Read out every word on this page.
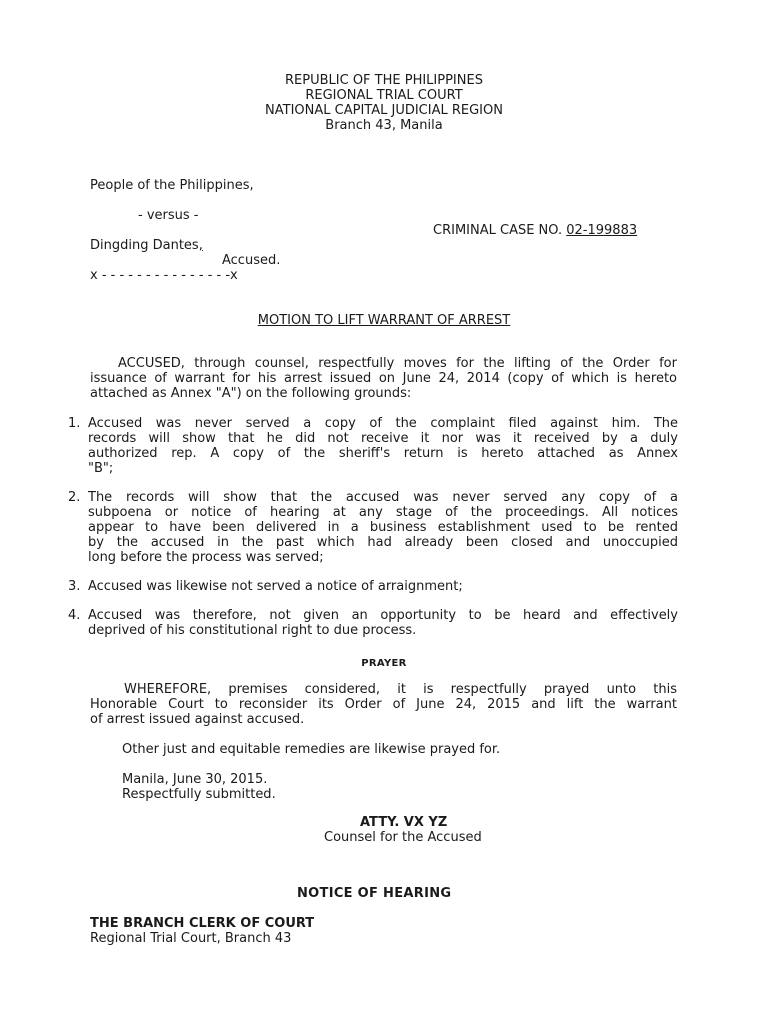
REPUBLIC OF THE PHILIPPINES
REGIONAL TRIAL COURT
NATIONAL CAPITAL JUDICIAL REGION
Branch 43, Manila
People of the Philippines,
- versus -
CRIMINAL CASE NO. 02-199883
Dingding Dantes,
Accused.
x - - - - - - - - - - - - - - -x
MOTION TO LIFT WARRANT OF ARREST
ACCUSED, through counsel, respectfully moves for the lifting of the Order for issuance of warrant for his arrest issued on June 24, 2014 (copy of which is hereto attached as Annex "A") on the following grounds:
1. Accused was never served a copy of the complaint filed against him. The
records will show that he did not receive it nor was it received by a duly
authorized rep. A copy of the sheriff's return is hereto attached as Annex
"B";
2. The records will show that the accused was never served any copy of a
subpoena or notice of hearing at any stage of the proceedings. All notices
appear to have been delivered in a business establishment used to be rented
by the accused in the past which had already been closed and unoccupied
long before the process was served;
3. Accused was likewise not served a notice of arraignment;
4. Accused was therefore, not given an opportunity to be heard and effectively
deprived of his constitutional right to due process.
PRAYER
WHEREFORE, premises considered, it is respectfully prayed unto this
Honorable Court to reconsider its Order of June 24, 2015 and lift the warrant
of arrest issued against accused.
Other just and equitable remedies are likewise prayed for.
Manila, June 30, 2015.
Respectfully submitted.
ATTY. VX YZ
Counsel for the Accused
NOTICE OF HEARING
THE BRANCH CLERK OF COURT
Regional Trial Court, Branch 43
